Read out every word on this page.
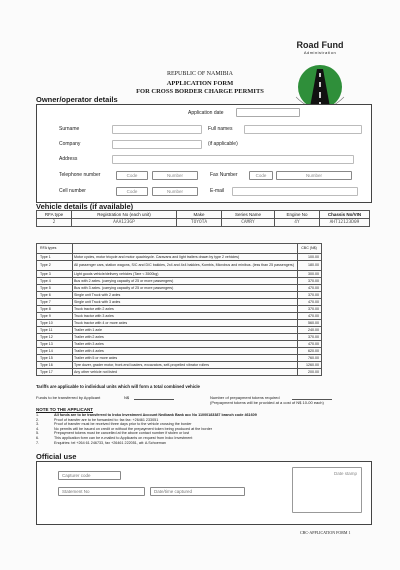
Road Fund
Administration
REPUBLIC OF NAMIBIA
APPLICATION FORM
FOR CROSS BORDER CHARGE PERMITS
Owner/operator details
Application date
Surname	Full names
Company	(if applicable)
Address
Telephone number	Code	Number	Fax Number	Code	Number
Cell number	Code	Number	E-mail
Vehicle details (if available)
RFA type	Registration No (each unit)	Make	Series Name	Engine No	Chassis No/VIN
2	AAA123GP	TOYOTA	CAMRY	4Y	AHT12123D09
RFA types		CBC (N$)
Type 1	Motor cycles, motor tricycle and motor quadricycle. Caravans and light trailers drawn by type 2 vehicles)	100.00
Type 2	All passenger cars, station wagons, S/C and D/C bakkies, 2x4 and 4x4 bakkies, Kombis, Microbus and minibus. (less than 25 passengers)	180.00
Type 3	Light goods vehicle/delivery vehicles (Tare < 3500kg)	300.00
Type 4	Bus with 2 axles. (carrying capacity of 25 or more passengers)	370.00
Type 5	Bus with 3 axles. (carrying capacity of 25 or more passengers)	470.00
Type 6	Single unit Truck with 2 axles	370.00
Type 7	Single unit Truck with 3 axles	470.00
Type 8	Truck tractor with 2 axles	370.00
Type 9	Truck tractor with 3 axles	470.00
Type 10	Truck tractor with 4 or more axles	560.00
Type 11	Trailer with 1 axle	240.00
Type 12	Trailer with 2 axles	370.00
Type 13	Trailer with 3 axles	470.00
Type 14	Trailer with 4 axles	620.00
Type 15	Trailer with 5 or more axles	760.00
Type 16	Tyre dozer, grader motor, front-end loaders, excavators, self-propelled vibrator rollers	1260.00
Type 17	Any other vehicle not listed	200.00
Tariffs are applicable to individual units which will form a total combined vehicle
Funds to be transferred by Applicant	N$	Number of prepayment tokens required
(Prepayment tokens will be provided at a cost of N$ 10-00 each)
NOTE TO THE APPLICANT
1.	All funds are to be transferred to Iroko Investment Account Nedbank Bank acc No 11000183387 branch code 461609
2.	Proof of transfer are to be forwarded to: fax fax: +26461 233051
3.	Proof of transfer must be received three days prior to the vehicle crossing the border
4.	No permits will be issued on credit or without the prepayment token being produced at the border
5.	Prepayment tokens must be cancelled at the above contact number if stolen or lost
6.	This application form can be e-mailed to Applicants on request from Iroko Investment
7.	Enquiries: tel +264 61 246733, fax +26461 222051, att: A.Schoeman
Official use
Capturer code
Statement No	Date/time captured
Date stamp
CBC-APPLICATION FORM 1
